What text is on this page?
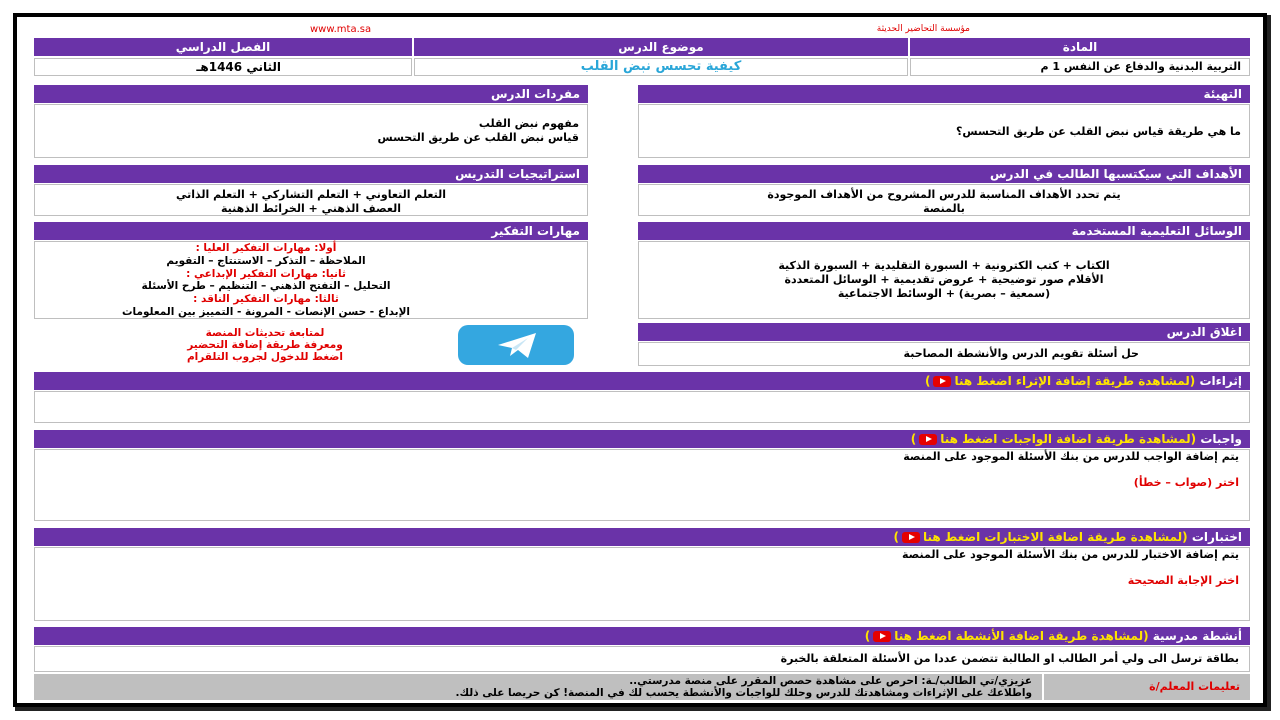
www.mta.sa	مؤسسة التحاضير الحديثة
المادة
موضوع الدرس
الفصل الدراسي
التربية البدنية والدفاع عن النفس 1 م
كيفية تحسس نبض القلب
الثاني 1446هـ
التهيئة
ما هي طريقة قياس نبض القلب عن طريق التحسس؟
مفردات الدرس
مفهوم نبض القلب
قياس نبض القلب عن طريق التحسس
الأهداف التي سيكتسبها الطالب في الدرس
يتم تحدد الأهداف المناسبة للدرس المشروح من الأهداف الموجودة
بالمنصة
استراتيجيات التدريس
التعلم التعاوني + التعلم التشاركي + التعلم الذاتي
العصف الذهني + الخرائط الذهنية
الوسائل التعليمية المستخدمة
الكتاب + كتب الكترونية + السبورة التقليدية + السبورة الذكية
الأقلام صور توضيحية + عروض تقديمية + الوسائل المتعددة
(سمعية – بصرية) + الوسائط الاجتماعية
مهارات التفكير
أولا: مهارات التفكير العليا :
الملاحظة – التذكر – الاستنتاج – التقويم
ثانيا: مهارات التفكير الإبداعي :
التحليل – التفتح الذهني – التنظيم – طرح الأسئلة
ثالثا: مهارات التفكير الناقد :
الإبداع - حسن الإنصات - المرونة - التمييز بين المعلومات
لمتابعة تحديثات المنصة
ومعرفة طريقة إضافة التحضير
اضغط للدخول لجروب التلقرام
اغلاق الدرس
حل أسئلة تقويم الدرس والأنشطة المصاحبة
إثراءات (لمشاهدة طريقة إضافة الإثراء اضغط هنا)
واجبات (لمشاهدة طريقة اضافة الواجبات اضغط هنا)
يتم إضافة الواجب للدرس من بنك الأسئلة الموجود على المنصة
اختر (صواب – خطأ)
اختبارات (لمشاهدة طريقة اضافة الاختبارات اضغط هنا)
يتم إضافة الاختبار للدرس من بنك الأسئلة الموجود على المنصة
اختر الإجابة الصحيحة
أنشطة مدرسية (لمشاهدة طريقة اضافة الأنشطة اضغط هنا)
بطاقة ترسل الى ولي أمر الطالب او الطالبة تتضمن عددا من الأسئلة المتعلقة بالخبرة
تعليمات المعلم/ة
عزيزي/تي الطالب/ـة: احرص على مشاهدة حصص المقرر على منصة مدرستي..
واطلاعك على الإثراءات ومشاهدتك للدرس وحلك للواجبات والأنشطة يحسب لك في المنصة! كن حريصا على ذلك.
